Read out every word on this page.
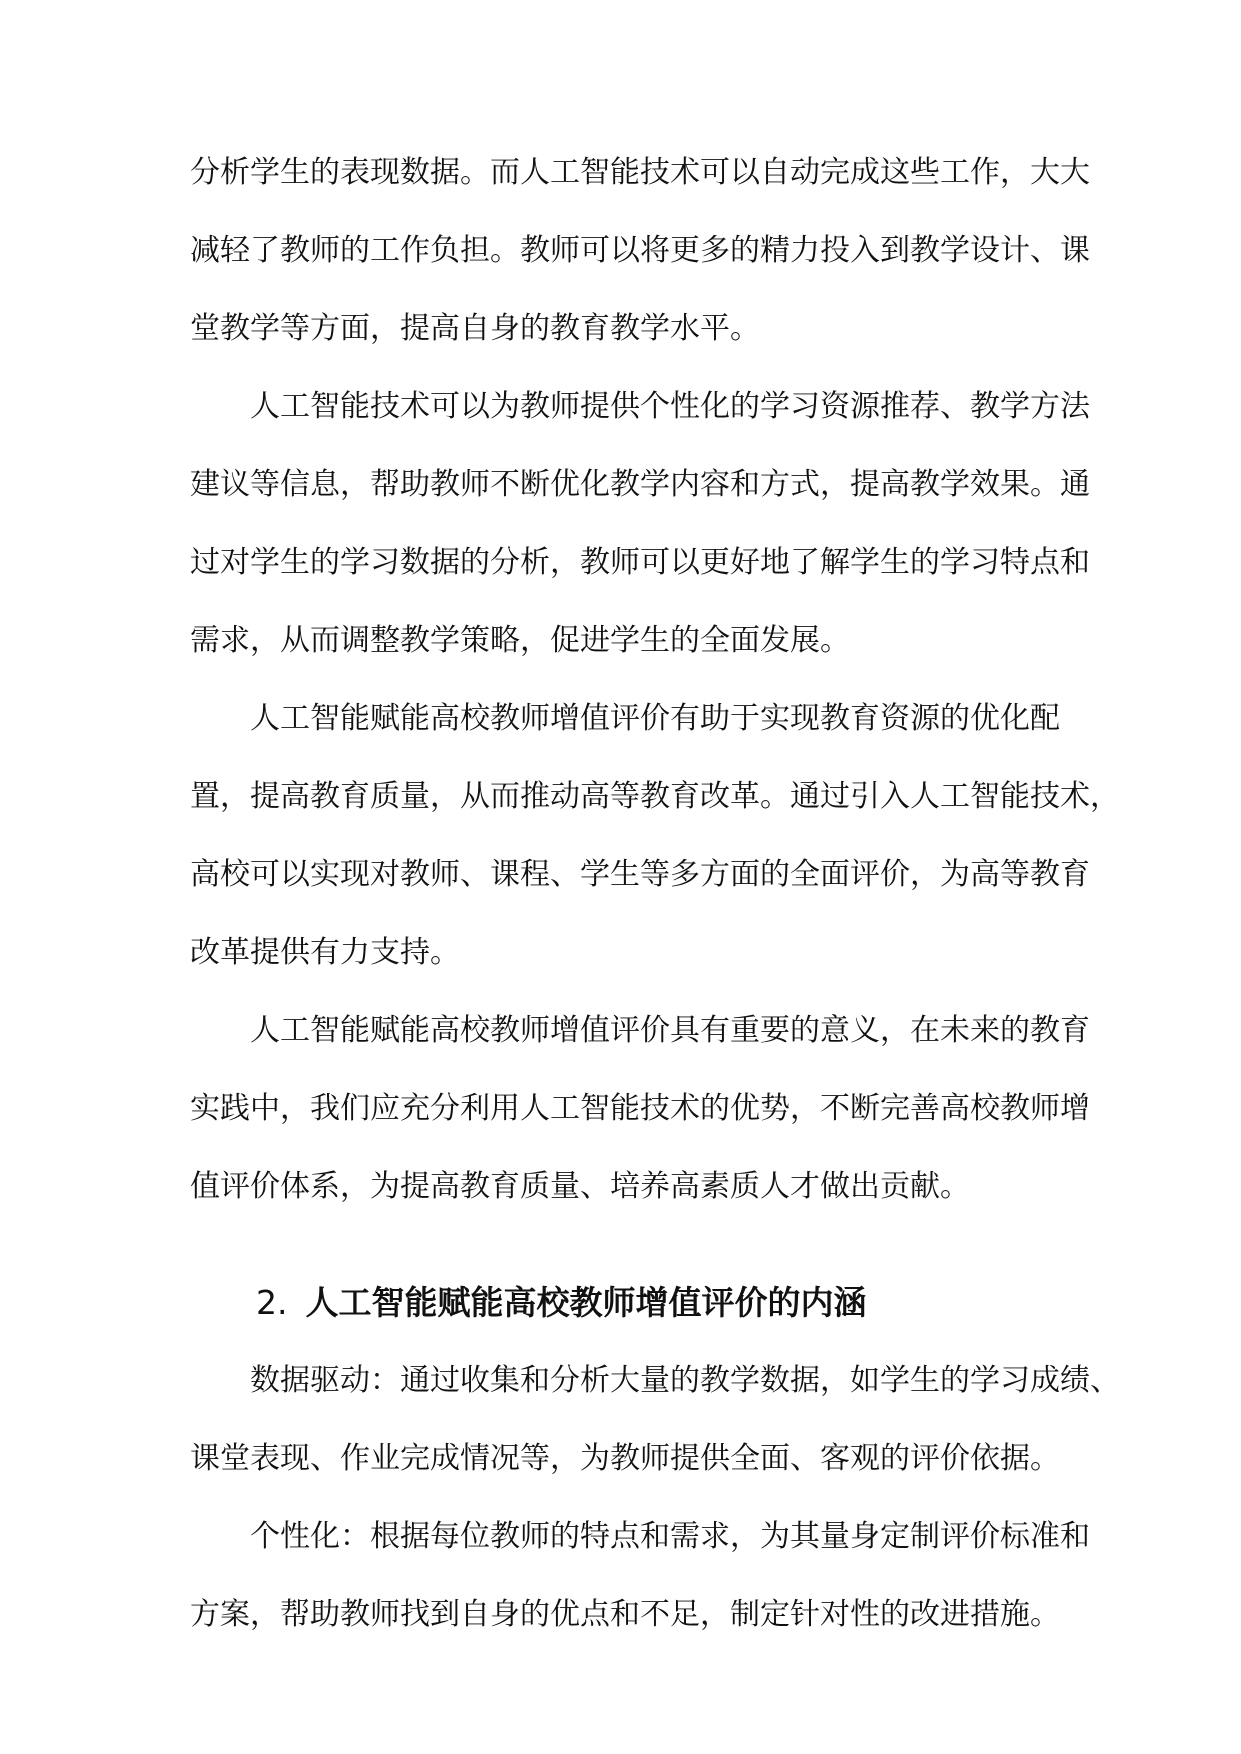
分析学生的表现数据。而人工智能技术可以自动完成这些工作，大大
减轻了教师的工作负担。教师可以将更多的精力投入到教学设计、课
堂教学等方面，提高自身的教育教学水平。
人工智能技术可以为教师提供个性化的学习资源推荐、教学方法
建议等信息，帮助教师不断优化教学内容和方式，提高教学效果。通
过对学生的学习数据的分析，教师可以更好地了解学生的学习特点和
需求，从而调整教学策略，促进学生的全面发展。
人工智能赋能高校教师增值评价有助于实现教育资源的优化配
置，提高教育质量，从而推动高等教育改革。通过引入人工智能技术，
高校可以实现对教师、课程、学生等多方面的全面评价，为高等教育
改革提供有力支持。
人工智能赋能高校教师增值评价具有重要的意义，在未来的教育
实践中，我们应充分利用人工智能技术的优势，不断完善高校教师增
值评价体系，为提高教育质量、培养高素质人才做出贡献。
2. 人工智能赋能高校教师增值评价的内涵
数据驱动：通过收集和分析大量的教学数据，如学生的学习成绩、
课堂表现、作业完成情况等，为教师提供全面、客观的评价依据。
个性化：根据每位教师的特点和需求，为其量身定制评价标准和
方案，帮助教师找到自身的优点和不足，制定针对性的改进措施。
